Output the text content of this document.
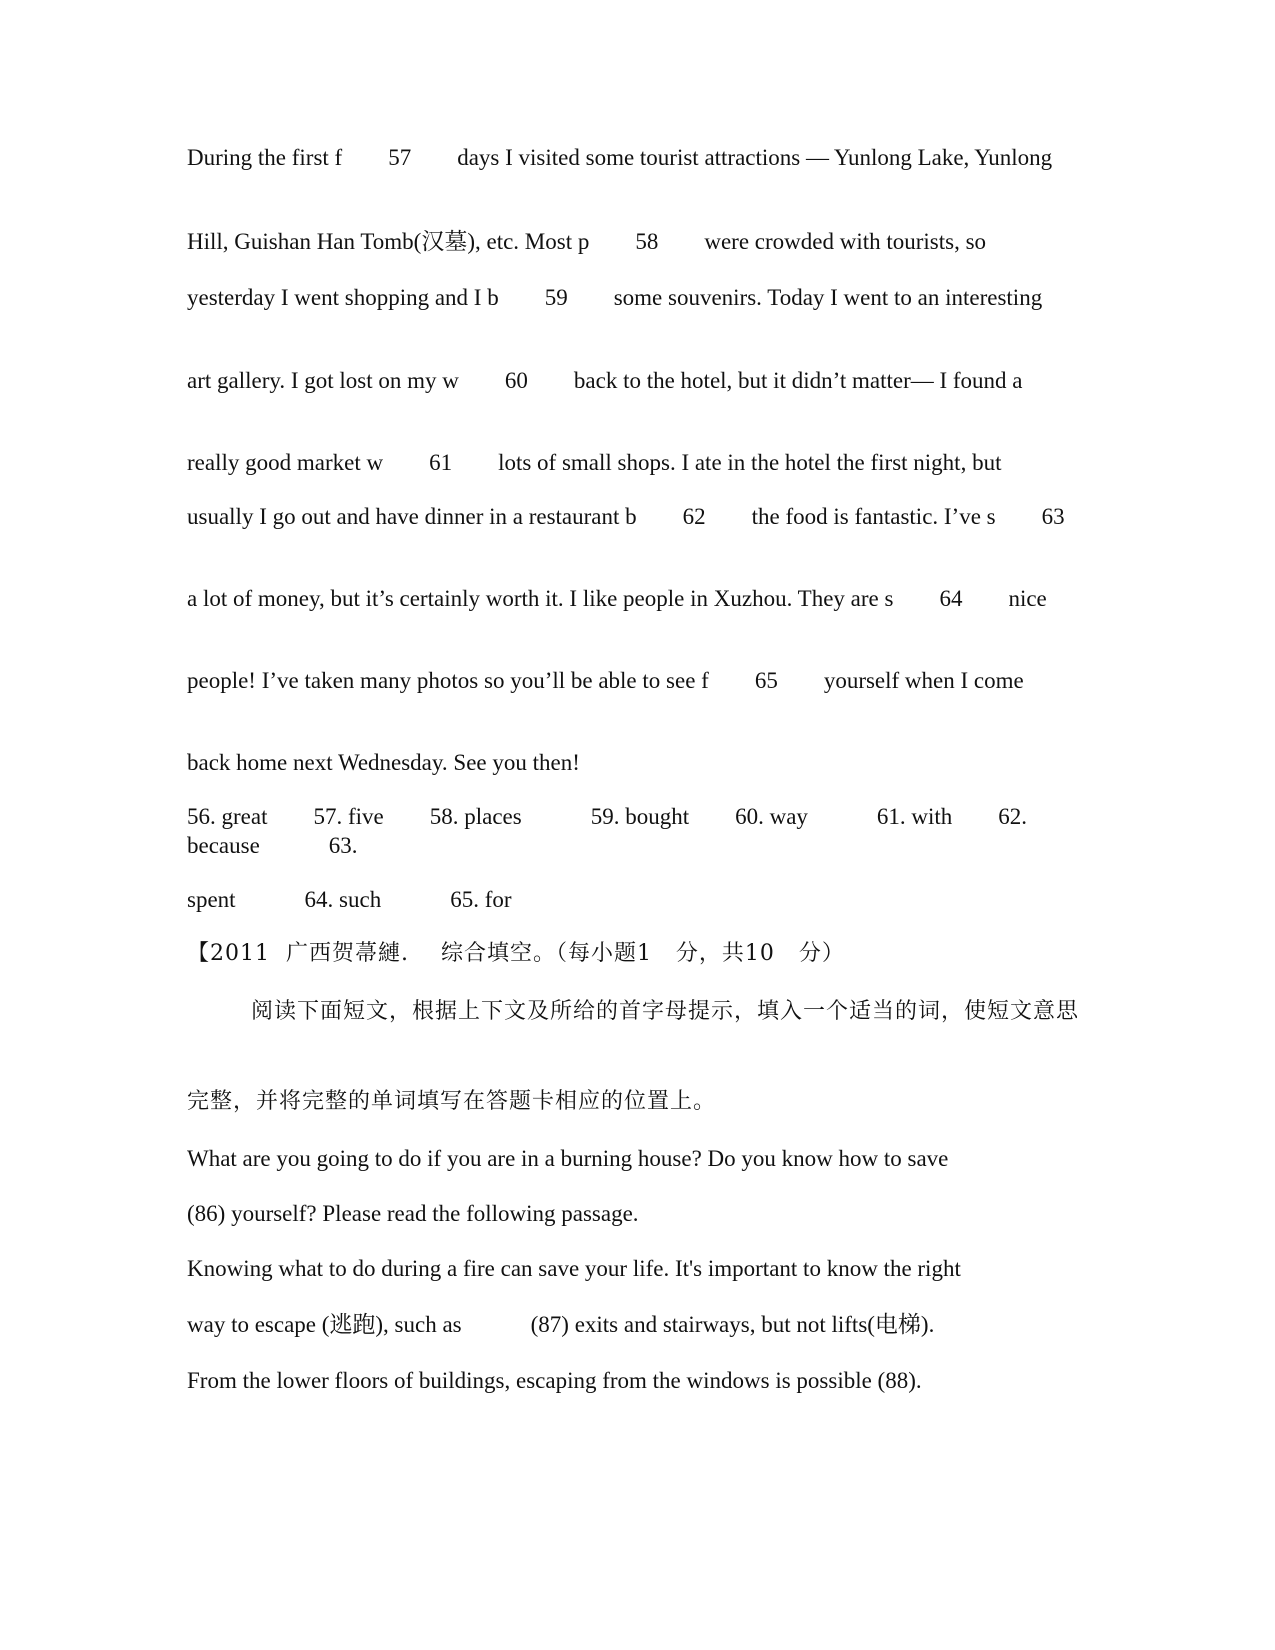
During the first f        57        days I visited some tourist attractions — Yunlong Lake, Yunlong

Hill, Guishan Han Tomb(汉墓), etc. Most p        58        were crowded with tourists, so

yesterday I went shopping and I b        59        some souvenirs. Today I went to an interesting

art gallery. I got lost on my w        60        back to the hotel, but it didn’t matter— I found a

really good market w        61        lots of small shops. I ate in the hotel the first night, but

usually I go out and have dinner in a restaurant b        62        the food is fantastic. I’ve s        63

a lot of money, but it’s certainly worth it. I like people in Xuzhou. They are s        64        nice

people! I’ve taken many photos so you’ll be able to see f        65        yourself when I come

back home next Wednesday. See you then!

56. great        57. five        58. places            59. bought        60. way            61. with        62. because            63.

spent            64. such            65. for

【2011  广西贺菷縺.    综合填空。（每小题1   分，共10   分）

阅读下面短文，根据上下文及所给的首字母提示，填入一个适当的词，使短文意思

完整，并将完整的单词填写在答题卡相应的位置上。

What are you going to do if you are in a burning house? Do you know how to save

(86) yourself? Please read the following passage.

Knowing what to do during a fire can save your life. It's important to know the right

way to escape (逃跑), such as            (87) exits and stairways, but not lifts(电梯).

From the lower floors of buildings, escaping from the windows is possible (88).
